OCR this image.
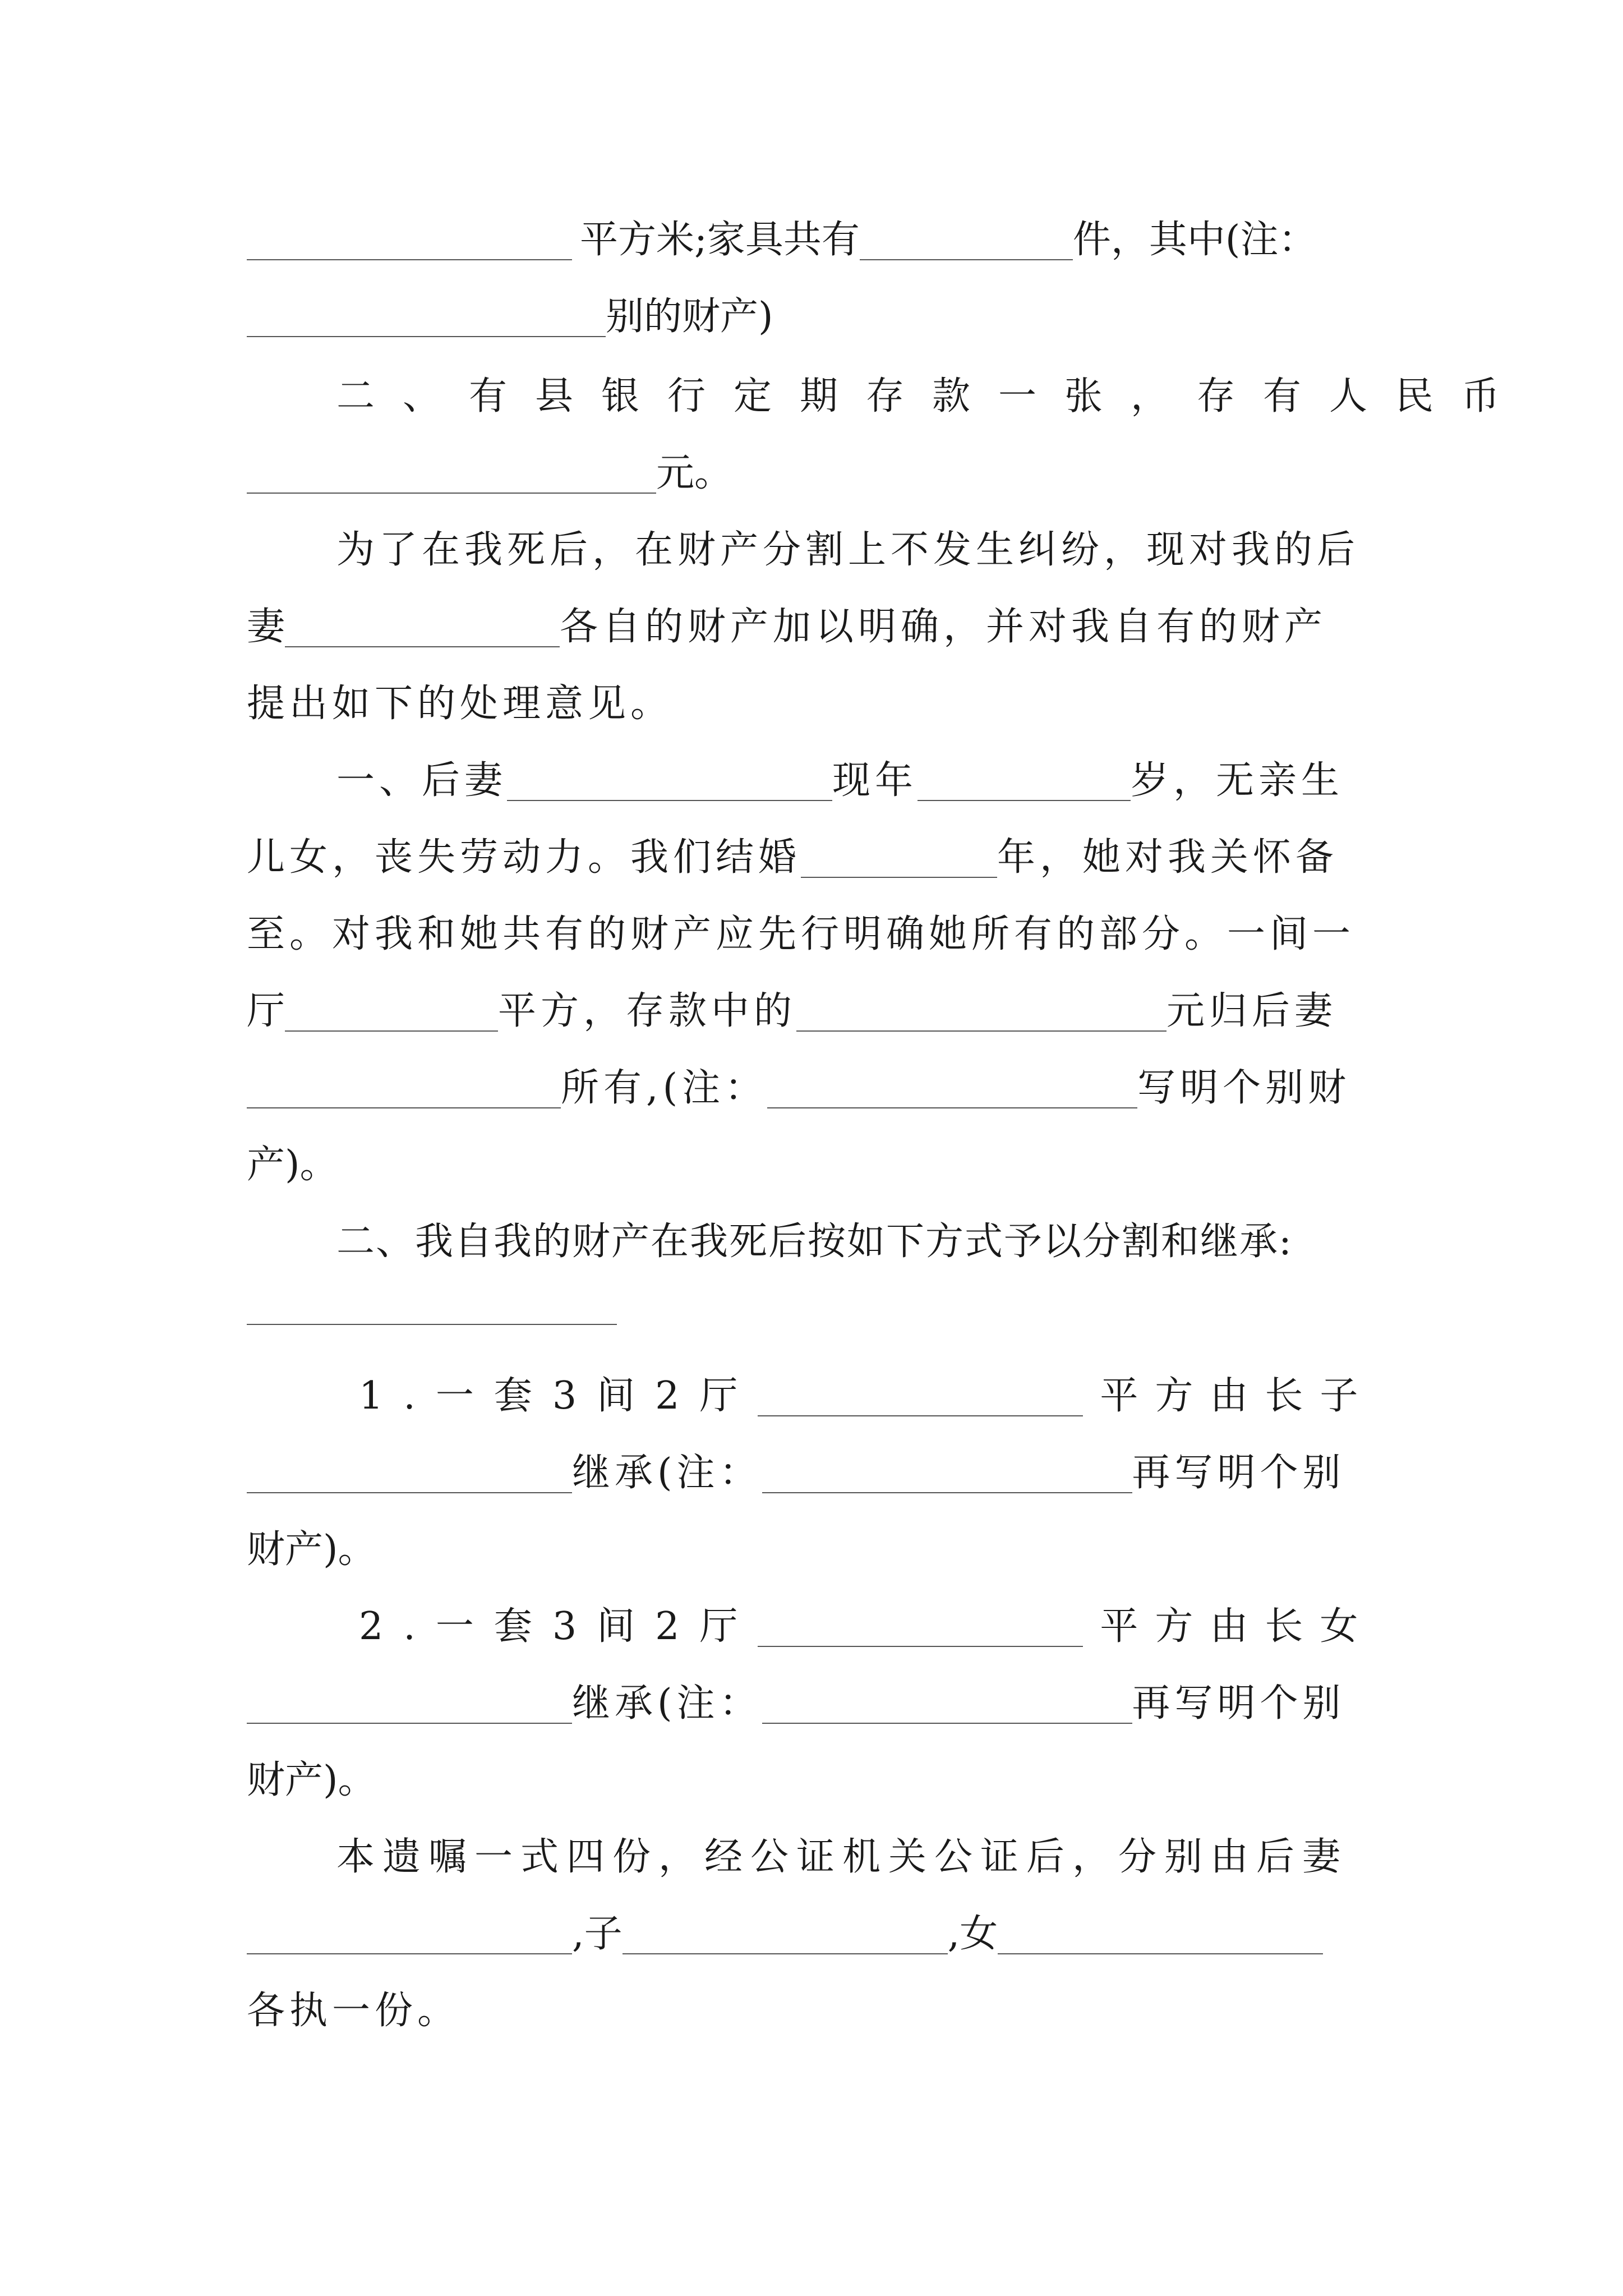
平方米;家具共有	件，其中(注：
别的财产)
二、有县银行定期存款一张，存有人民币
元。
为了在我死后，在财产分割上不发生纠纷，现对我的后
妻	各自的财产加以明确，并对我自有的财产
提出如下的处理意见。
一、后妻	现年	岁，无亲生
儿女，丧失劳动力。我们结婚	年，她对我关怀备
至。对我和她共有的财产应先行明确她所有的部分。一间一
厅	平方，存款中的	元归后妻
所有,(注：	写明个别财
产)。
二、我自我的财产在我死后按如下方式予以分割和继承:
1.一套3间2厅	平方由长子
继承(注：	再写明个别
财产)。
2.一套3间2厅	平方由长女
继承(注：	再写明个别
财产)。
本遗嘱一式四份，经公证机关公证后，分别由后妻
,子	,女
各执一份。
